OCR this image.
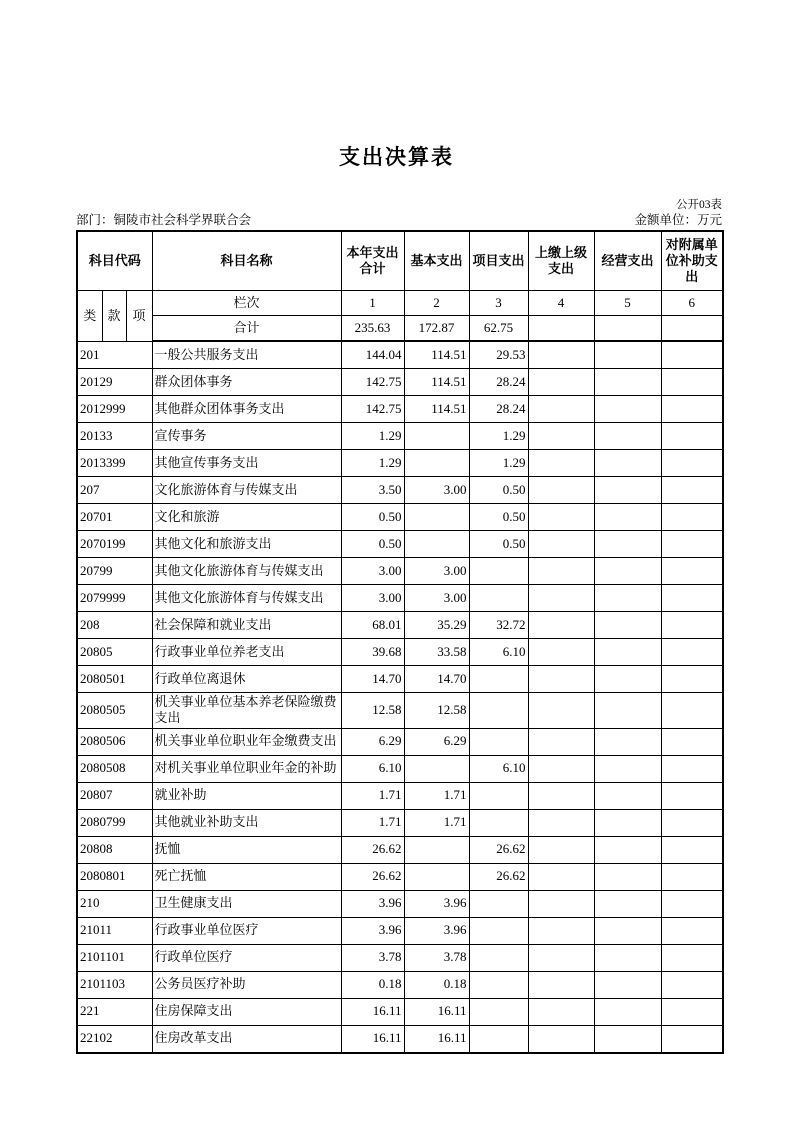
支出决算表
公开03表
部门：铜陵市社会科学界联合会	金额单位：万元
科目代码			科目名称	本年支出合计	基本支出	项目支出	上缴上级支出	经营支出	对附属单位补助支出
类	款	项	栏次	1	2	3	4	5	6
			合计	235.63	172.87	62.75			
201			一般公共服务支出	144.04	114.51	29.53			
20129			群众团体事务	142.75	114.51	28.24			
2012999			其他群众团体事务支出	142.75	114.51	28.24			
20133			宣传事务	1.29		1.29			
2013399			其他宣传事务支出	1.29		1.29			
207			文化旅游体育与传媒支出	3.50	3.00	0.50			
20701			文化和旅游	0.50		0.50			
2070199			其他文化和旅游支出	0.50		0.50			
20799			其他文化旅游体育与传媒支出	3.00	3.00				
2079999			其他文化旅游体育与传媒支出	3.00	3.00				
208			社会保障和就业支出	68.01	35.29	32.72			
20805			行政事业单位养老支出	39.68	33.58	6.10			
2080501			行政单位离退休	14.70	14.70				
2080505			机关事业单位基本养老保险缴费支出	12.58	12.58				
2080506			机关事业单位职业年金缴费支出	6.29	6.29				
2080508			对机关事业单位职业年金的补助	6.10		6.10			
20807			就业补助	1.71	1.71				
2080799			其他就业补助支出	1.71	1.71				
20808			抚恤	26.62		26.62			
2080801			死亡抚恤	26.62		26.62			
210			卫生健康支出	3.96	3.96				
21011			行政事业单位医疗	3.96	3.96				
2101101			行政单位医疗	3.78	3.78				
2101103			公务员医疗补助	0.18	0.18				
221			住房保障支出	16.11	16.11				
22102			住房改革支出	16.11	16.11				
